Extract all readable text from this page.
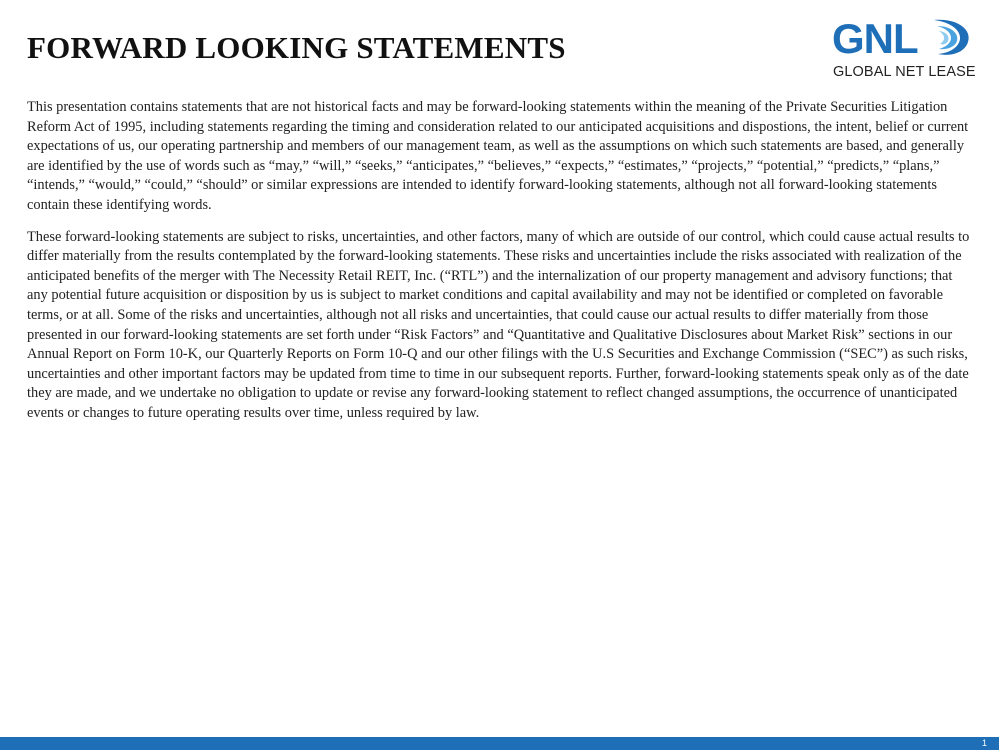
FORWARD LOOKING STATEMENTS	GNL
GLOBAL NET LEASE

This presentation contains statements that are not historical facts and may be forward-looking statements within the meaning of the Private Securities Litigation Reform Act of 1995, including statements regarding the timing and consideration related to our anticipated acquisitions and dispostions, the intent, belief or current expectations of us, our operating partnership and members of our management team, as well as the assumptions on which such statements are based, and generally are identified by the use of words such as “may,” “will,” “seeks,” “anticipates,” “believes,” “expects,” “estimates,” “projects,” “potential,” “predicts,” “plans,” “intends,” “would,” “could,” “should” or similar expressions are intended to identify forward-looking statements, although not all forward-looking statements contain these identifying words.

These forward-looking statements are subject to risks, uncertainties, and other factors, many of which are outside of our control, which could cause actual results to differ materially from the results contemplated by the forward-looking statements. These risks and uncertainties include the risks associated with realization of the anticipated benefits of the merger with The Necessity Retail REIT, Inc. (“RTL”) and the internalization of our property management and advisory functions; that any potential future acquisition or disposition by us is subject to market conditions and capital availability and may not be identified or completed on favorable terms, or at all. Some of the risks and uncertainties, although not all risks and uncertainties, that could cause our actual results to differ materially from those presented in our forward-looking statements are set forth under “Risk Factors” and “Quantitative and Qualitative Disclosures about Market Risk” sections in our Annual Report on Form 10-K, our Quarterly Reports on Form 10-Q and our other filings with the U.S Securities and Exchange Commission (“SEC”) as such risks, uncertainties and other important factors may be updated from time to time in our subsequent reports. Further, forward-looking statements speak only as of the date they are made, and we undertake no obligation to update or revise any forward-looking statement to reflect changed assumptions, the occurrence of unanticipated events or changes to future operating results over time, unless required by law.

1
